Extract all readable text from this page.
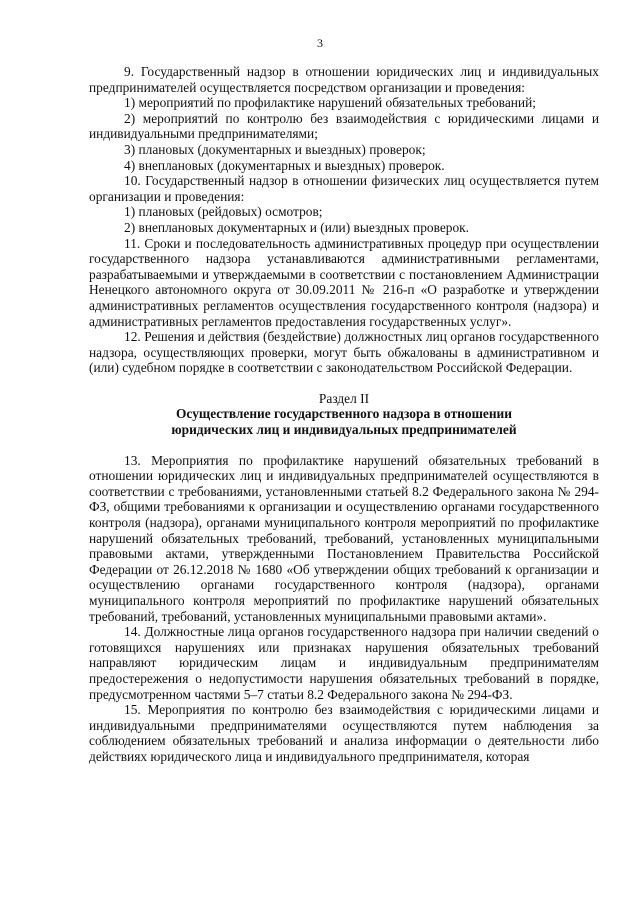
3

9. Государственный надзор в отношении юридических лиц и индивидуальных предпринимателей осуществляется посредством организации и проведения:

1) мероприятий по профилактике нарушений обязательных требований;

2) мероприятий по контролю без взаимодействия с юридическими лицами и индивидуальными предпринимателями;

3) плановых (документарных и выездных) проверок;

4) внеплановых (документарных и выездных) проверок.

10. Государственный надзор в отношении физических лиц осуществляется путем организации и проведения:

1) плановых (рейдовых) осмотров;

2) внеплановых документарных и (или) выездных проверок.

11. Сроки и последовательность административных процедур при осуществлении государственного надзора устанавливаются административными регламентами, разрабатываемыми и утверждаемыми в соответствии с постановлением Администрации Ненецкого автономного округа от 30.09.2011 № 216-п «О разработке и утверждении административных регламентов осуществления государственного контроля (надзора) и административных регламентов предоставления государственных услуг».

12. Решения и действия (бездействие) должностных лиц органов государственного надзора, осуществляющих проверки, могут быть обжалованы в административном и (или) судебном порядке в соответствии с законодательством Российской Федерации.

Раздел II

Осуществление государственного надзора в отношении

юридических лиц и индивидуальных предпринимателей

13. Мероприятия по профилактике нарушений обязательных требований в отношении юридических лиц и индивидуальных предпринимателей осуществляются в соответствии с требованиями, установленными статьей 8.2 Федерального закона № 294-ФЗ, общими требованиями к организации и осуществлению органами государственного контроля (надзора), органами муниципального контроля мероприятий по профилактике нарушений обязательных требований, требований, установленных муниципальными правовыми актами, утвержденными Постановлением Правительства Российской Федерации от 26.12.2018 № 1680 «Об утверждении общих требований к организации и осуществлению органами государственного контроля (надзора), органами муниципального контроля мероприятий по профилактике нарушений обязательных требований, требований, установленных муниципальными правовыми актами».

14. Должностные лица органов государственного надзора при наличии сведений о готовящихся нарушениях или признаках нарушения обязательных требований направляют юридическим лицам и индивидуальным предпринимателям предостережения о недопустимости нарушения обязательных требований в порядке, предусмотренном частями 5–7 статьи 8.2 Федерального закона № 294-ФЗ.

15. Мероприятия по контролю без взаимодействия с юридическими лицами и индивидуальными предпринимателями осуществляются путем наблюдения за соблюдением обязательных требований и анализа информации о деятельности либо действиях юридического лица и индивидуального предпринимателя, которая
